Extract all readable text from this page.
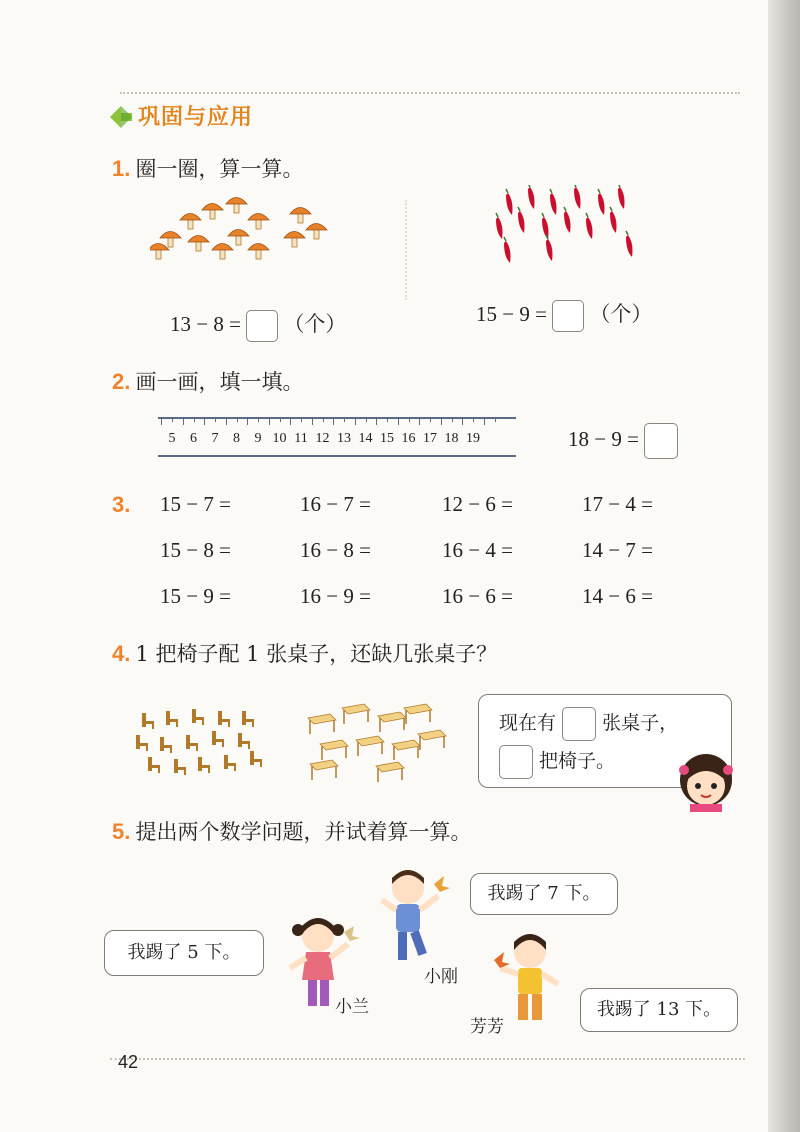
巩固与应用
1. 圈一圈，算一算。
13 − 8 = （个）	15 − 9 = （个）
2. 画一画，填一填。
5	6	7	8	9 10 11 12 13 14 15 16 17 18 19	18 − 9 =
3. 15 − 7 =	16 − 7 =	12 − 6 =	17 − 4 =
15 − 8 =	16 − 8 =	16 − 4 =	14 − 7 =
15 − 9 =	16 − 9 =	16 − 6 =	14 − 6 =
4. 1 把椅子配 1 张桌子，还缺几张桌子？
现在有 张桌子，
把椅子。
5. 提出两个数学问题，并试着算一算。
我踢了 7 下。
我踢了 5 下。
我踢了 13 下。
小兰
小刚
芳芳
42
